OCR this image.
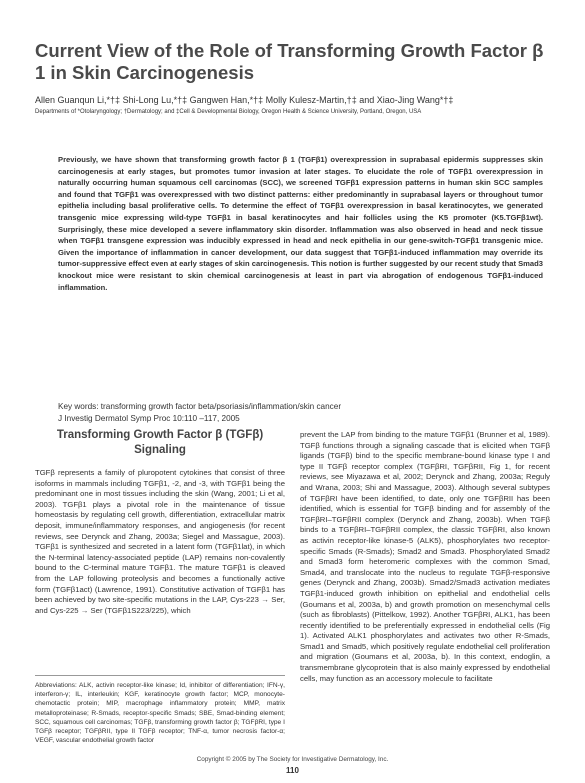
Current View of the Role of Transforming Growth Factor β 1 in Skin Carcinogenesis
Allen Guanqun Li,*†‡ Shi-Long Lu,*†‡ Gangwen Han,*†‡ Molly Kulesz-Martin,†‡ and Xiao-Jing Wang*†‡
Departments of *Otolaryngology; †Dermatology; and ‡Cell & Developmental Biology, Oregon Health & Science University, Portland, Oregon, USA
Previously, we have shown that transforming growth factor β 1 (TGFβ1) overexpression in suprabasal epidermis suppresses skin carcinogenesis at early stages, but promotes tumor invasion at later stages. To elucidate the role of TGFβ1 overexpression in naturally occurring human squamous cell carcinomas (SCC), we screened TGFβ1 expression patterns in human skin SCC samples and found that TGFβ1 was overexpressed with two distinct patterns: either predominantly in suprabasal layers or throughout tumor epithelia including basal proliferative cells. To determine the effect of TGFβ1 overexpression in basal keratinocytes, we generated transgenic mice expressing wild-type TGFβ1 in basal keratinocytes and hair follicles using the K5 promoter (K5.TGFβ1wt). Surprisingly, these mice developed a severe inflammatory skin disorder. Inflammation was also observed in head and neck tissue when TGFβ1 transgene expression was inducibly expressed in head and neck epithelia in our gene-switch-TGFβ1 transgenic mice. Given the importance of inflammation in cancer development, our data suggest that TGFβ1-induced inflammation may override its tumor-suppressive effect even at early stages of skin carcinogenesis. This notion is further suggested by our recent study that Smad3 knockout mice were resistant to skin chemical carcinogenesis at least in part via abrogation of endogenous TGFβ1-induced inflammation.
Key words: transforming growth factor beta/psoriasis/inflammation/skin cancer
J Investig Dermatol Symp Proc 10:110 –117, 2005
Transforming Growth Factor β (TGFβ) Signaling
TGFβ represents a family of pluropotent cytokines that consist of three isoforms in mammals including TGFβ1, -2, and -3, with TGFβ1 being the predominant one in most tissues including the skin (Wang, 2001; Li et al, 2003). TGFβ1 plays a pivotal role in the maintenance of tissue homeostasis by regulating cell growth, differentiation, extracellular matrix deposit, immune/inflammatory responses, and angiogenesis (for recent reviews, see Derynck and Zhang, 2003a; Siegel and Massague, 2003). TGFβ1 is synthesized and secreted in a latent form (TGFβ1lat), in which the N-terminal latency-associated peptide (LAP) remains non-covalently bound to the C-terminal mature TGFβ1. The mature TGFβ1 is cleaved from the LAP following proteolysis and becomes a functionally active form (TGFβ1act) (Lawrence, 1991). Constitutive activation of TGFβ1 has been achieved by two site-specific mutations in the LAP, Cys-223 → Ser, and Cys-225 → Ser (TGFβ1S223/225), which
prevent the LAP from binding to the mature TGFβ1 (Brunner et al, 1989). TGFβ functions through a signaling cascade that is elicited when TGFβ ligands (TGFβ) bind to the specific membrane-bound kinase type I and type II TGFβ receptor complex (TGFβRI, TGFβRII, Fig 1, for recent reviews, see Miyazawa et al, 2002; Derynck and Zhang, 2003a; Reguly and Wrana, 2003; Shi and Massague, 2003). Although several subtypes of TGFβRI have been identified, to date, only one TGFβRII has been identified, which is essential for TGFβ binding and for assembly of the TGFβRI–TGFβRII complex (Derynck and Zhang, 2003b). When TGFβ binds to a TGFβRI–TGFβRII complex, the classic TGFβRI, also known as activin receptor-like kinase-5 (ALK5), phosphorylates two receptor-specific Smads (R-Smads); Smad2 and Smad3. Phosphorylated Smad2 and Smad3 form heteromeric complexes with the common Smad, Smad4, and translocate into the nucleus to regulate TGFβ-responsive genes (Derynck and Zhang, 2003b). Smad2/Smad3 activation mediates TGFβ1-induced growth inhibition on epithelial and endothelial cells (Goumans et al, 2003a, b) and growth promotion on mesenchymal cells (such as fibroblasts) (Pittelkow, 1992). Another TGFβRI, ALK1, has been recently identified to be preferentially expressed in endothelial cells (Fig 1). Activated ALK1 phosphorylates and activates two other R-Smads, Smad1 and Smad5, which positively regulate endothelial cell proliferation and migration (Goumans et al, 2003a, b). In this context, endoglin, a transmembrane glycoprotein that is also mainly expressed by endothelial cells, may function as an accessory molecule to facilitate
Abbreviations: ALK, activin receptor-like kinase; Id, inhibitor of differentiation; IFN-γ, interferon-γ; IL, interleukin; KGF, keratinocyte growth factor; MCP, monocyte-chemotactic protein; MIP, macrophage inflammatory protein; MMP, matrix metalloproteinase; R-Smads, receptor-specific Smads; SBE, Smad-binding element; SCC, squamous cell carcinomas; TGFβ, transforming growth factor β; TGFβRI, type I TGFβ receptor; TGFβRII, type II TGFβ receptor; TNF-α, tumor necrosis factor-α; VEGF, vascular endothelial growth factor
Copyright © 2005 by The Society for Investigative Dermatology, Inc.
110
